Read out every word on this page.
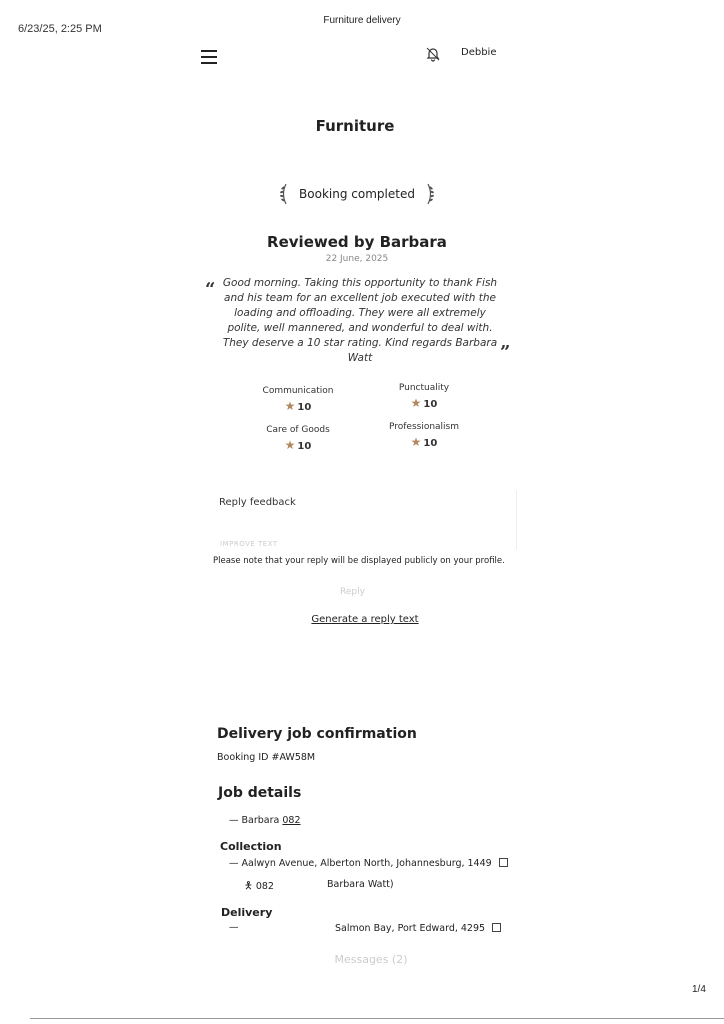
6/23/25, 2:25 PM
Furniture delivery
Debbie
Furniture
Booking completed
Reviewed by Barbara
22 June, 2025
“ Good morning. Taking this opportunity to thank Fish and his team for an excellent job executed with the loading and offloading. They were all extremely polite, well mannered, and wonderful to deal with. They deserve a 10 star rating. Kind regards Barbara Watt	”
Communication
★ 10
Punctuality
★ 10
Care of Goods
★ 10
Professionalism
★ 10
Reply feedback
IMPROVE TEXT
Please note that your reply will be displayed publicly on your profile.
Reply
Generate a reply text
Delivery job confirmation
Booking ID #AW58M
Job details
— Barbara 082
Collection
— Aalwyn Avenue, Alberton North, Johannesburg, 1449
🯅 082	Barbara Watt)
Delivery
—	Salmon Bay, Port Edward, 4295
Messages (2)
1/4
